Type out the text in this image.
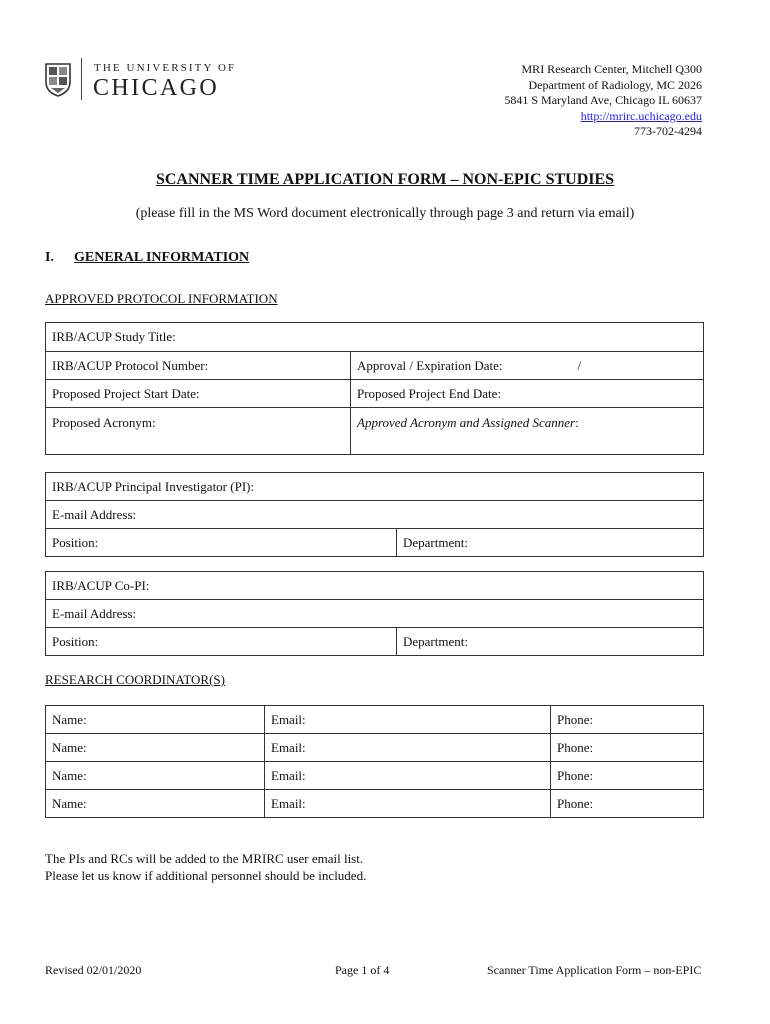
THE UNIVERSITY OF
CHICAGO
MRI Research Center, Mitchell Q300
Department of Radiology, MC 2026
5841 S Maryland Ave, Chicago IL 60637
http://mrirc.uchicago.edu
773-702-4294
SCANNER TIME APPLICATION FORM – NON-EPIC STUDIES
(please fill in the MS Word document electronically through page 3 and return via email)
I. GENERAL INFORMATION
APPROVED PROTOCOL INFORMATION
IRB/ACUP Study Title:	
IRB/ACUP Protocol Number:	Approval / Expiration Date: /
Proposed Project Start Date:	Proposed Project End Date:
Proposed Acronym:	Approved Acronym and Assigned Scanner:
IRB/ACUP Principal Investigator (PI):
E-mail Address:
Position:	Department:
IRB/ACUP Co-PI:
E-mail Address:
Position:	Department:
RESEARCH COORDINATOR(S)
Name:	Email:	Phone:
Name:	Email:	Phone:
Name:	Email:	Phone:
Name:	Email:	Phone:
The PIs and RCs will be added to the MRIRC user email list.
Please let us know if additional personnel should be included.
Revised 02/01/2020	Page 1 of 4	Scanner Time Application Form – non-EPIC
